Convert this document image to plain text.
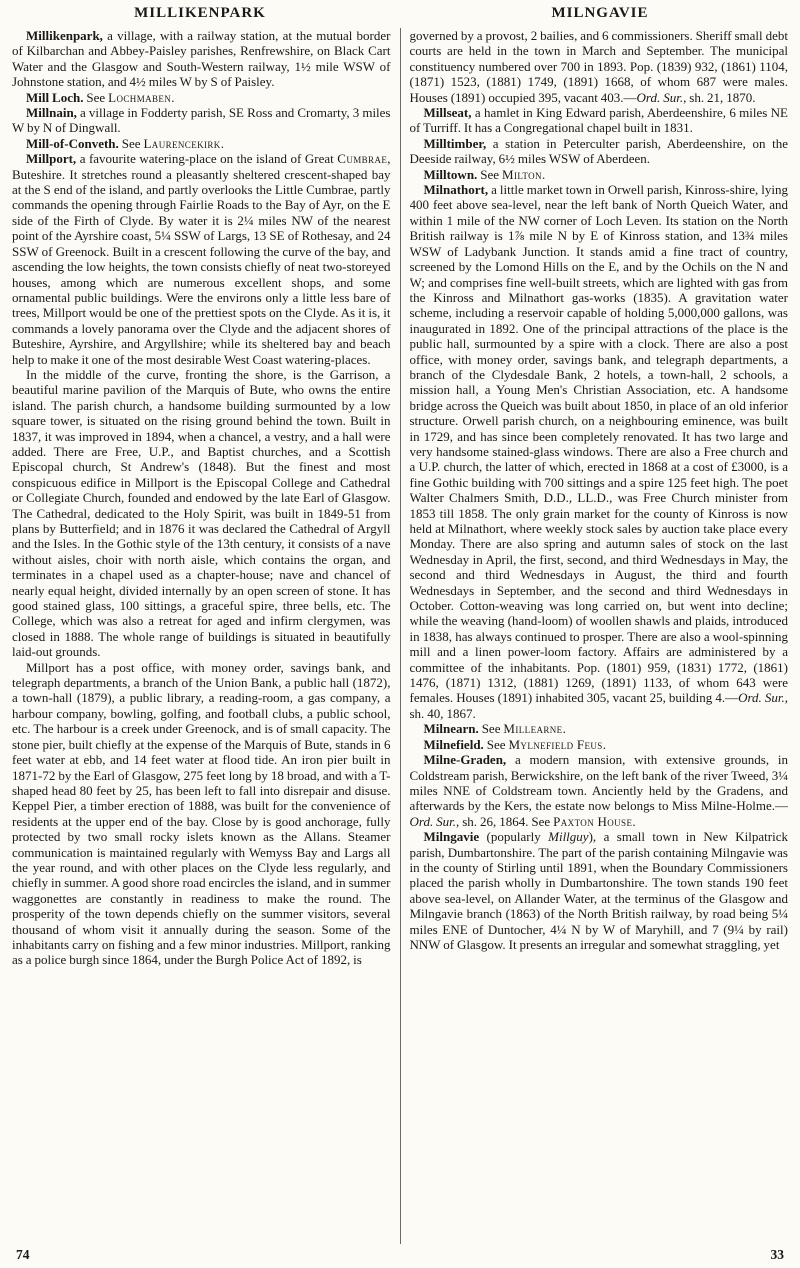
MILLIKENPARK	MILNGAVIE

Millikenpark, a village, with a railway station, at the mutual border of Kilbarchan and Abbey-Paisley parishes, Renfrewshire, on Black Cart Water and the Glasgow and South-Western railway, 1½ mile WSW of Johnstone station, and 4½ miles W by S of Paisley.

Mill Loch. See Lochmaben.

Millnain, a village in Fodderty parish, SE Ross and Cromarty, 3 miles W by N of Dingwall.

Mill-of-Conveth. See Laurencekirk.

Millport, a favourite watering-place on the island of Great Cumbrae, Buteshire. It stretches round a pleasantly sheltered crescent-shaped bay at the S end of the island, and partly overlooks the Little Cumbrae, partly commands the opening through Fairlie Roads to the Bay of Ayr, on the E side of the Firth of Clyde. By water it is 2¼ miles NW of the nearest point of the Ayrshire coast, 5¼ SSW of Largs, 13 SE of Rothesay, and 24 SSW of Greenock. Built in a crescent following the curve of the bay, and ascending the low heights, the town consists chiefly of neat two-storeyed houses, among which are numerous excellent shops, and some ornamental public buildings. Were the environs only a little less bare of trees, Millport would be one of the prettiest spots on the Clyde. As it is, it commands a lovely panorama over the Clyde and the adjacent shores of Buteshire, Ayrshire, and Argyllshire; while its sheltered bay and beach help to make it one of the most desirable West Coast watering-places.

In the middle of the curve, fronting the shore, is the Garrison, a beautiful marine pavilion of the Marquis of Bute, who owns the entire island. The parish church, a handsome building surmounted by a low square tower, is situated on the rising ground behind the town. Built in 1837, it was improved in 1894, when a chancel, a vestry, and a hall were added. There are Free, U.P., and Baptist churches, and a Scottish Episcopal church, St Andrew's (1848). But the finest and most conspicuous edifice in Millport is the Episcopal College and Cathedral or Collegiate Church, founded and endowed by the late Earl of Glasgow. The Cathedral, dedicated to the Holy Spirit, was built in 1849-51 from plans by Butterfield; and in 1876 it was declared the Cathedral of Argyll and the Isles. In the Gothic style of the 13th century, it consists of a nave without aisles, choir with north aisle, which contains the organ, and terminates in a chapel used as a chapter-house; nave and chancel of nearly equal height, divided internally by an open screen of stone. It has good stained glass, 100 sittings, a graceful spire, three bells, etc. The College, which was also a retreat for aged and infirm clergymen, was closed in 1888. The whole range of buildings is situated in beautifully laid-out grounds.

Millport has a post office, with money order, savings bank, and telegraph departments, a branch of the Union Bank, a public hall (1872), a town-hall (1879), a public library, a reading-room, a gas company, a harbour company, bowling, golfing, and football clubs, a public school, etc. The harbour is a creek under Greenock, and is of small capacity. The stone pier, built chiefly at the expense of the Marquis of Bute, stands in 6 feet water at ebb, and 14 feet water at flood tide. An iron pier built in 1871-72 by the Earl of Glasgow, 275 feet long by 18 broad, and with a T-shaped head 80 feet by 25, has been left to fall into disrepair and disuse. Keppel Pier, a timber erection of 1888, was built for the convenience of residents at the upper end of the bay. Close by is good anchorage, fully protected by two small rocky islets known as the Allans. Steamer communication is maintained regularly with Wemyss Bay and Largs all the year round, and with other places on the Clyde less regularly, and chiefly in summer. A good shore road encircles the island, and in summer waggonettes are constantly in readiness to make the round. The prosperity of the town depends chiefly on the summer visitors, several thousand of whom visit it annually during the season. Some of the inhabitants carry on fishing and a few minor industries. Millport, ranking as a police burgh since 1864, under the Burgh Police Act of 1892, is

governed by a provost, 2 bailies, and 6 commissioners. Sheriff small debt courts are held in the town in March and September. The municipal constituency numbered over 700 in 1893. Pop. (1839) 932, (1861) 1104, (1871) 1523, (1881) 1749, (1891) 1668, of whom 687 were males. Houses (1891) occupied 395, vacant 403.—Ord. Sur., sh. 21, 1870.

Millseat, a hamlet in King Edward parish, Aberdeenshire, 6 miles NE of Turriff. It has a Congregational chapel built in 1831.

Milltimber, a station in Peterculter parish, Aberdeenshire, on the Deeside railway, 6½ miles WSW of Aberdeen.

Milltown. See Milton.

Milnathort, a little market town in Orwell parish, Kinross-shire, lying 400 feet above sea-level, near the left bank of North Queich Water, and within 1 mile of the NW corner of Loch Leven. Its station on the North British railway is 1⅞ mile N by E of Kinross station, and 13¾ miles WSW of Ladybank Junction. It stands amid a fine tract of country, screened by the Lomond Hills on the E, and by the Ochils on the N and W; and comprises fine well-built streets, which are lighted with gas from the Kinross and Milnathort gas-works (1835). A gravitation water scheme, including a reservoir capable of holding 5,000,000 gallons, was inaugurated in 1892. One of the principal attractions of the place is the public hall, surmounted by a spire with a clock. There are also a post office, with money order, savings bank, and telegraph departments, a branch of the Clydesdale Bank, 2 hotels, a town-hall, 2 schools, a mission hall, a Young Men's Christian Association, etc. A handsome bridge across the Queich was built about 1850, in place of an old inferior structure. Orwell parish church, on a neighbouring eminence, was built in 1729, and has since been completely renovated. It has two large and very handsome stained-glass windows. There are also a Free church and a U.P. church, the latter of which, erected in 1868 at a cost of £3000, is a fine Gothic building with 700 sittings and a spire 125 feet high. The poet Walter Chalmers Smith, D.D., LL.D., was Free Church minister from 1853 till 1858. The only grain market for the county of Kinross is now held at Milnathort, where weekly stock sales by auction take place every Monday. There are also spring and autumn sales of stock on the last Wednesday in April, the first, second, and third Wednesdays in May, the second and third Wednesdays in August, the third and fourth Wednesdays in September, and the second and third Wednesdays in October. Cotton-weaving was long carried on, but went into decline; while the weaving (hand-loom) of woollen shawls and plaids, introduced in 1838, has always continued to prosper. There are also a wool-spinning mill and a linen power-loom factory. Affairs are administered by a committee of the inhabitants. Pop. (1801) 959, (1831) 1772, (1861) 1476, (1871) 1312, (1881) 1269, (1891) 1133, of whom 643 were females. Houses (1891) inhabited 305, vacant 25, building 4.—Ord. Sur., sh. 40, 1867.

Milnearn. See Millearne.

Milnefield. See Mylnefield Feus.

Milne-Graden, a modern mansion, with extensive grounds, in Coldstream parish, Berwickshire, on the left bank of the river Tweed, 3¼ miles NNE of Coldstream town. Anciently held by the Gradens, and afterwards by the Kers, the estate now belongs to Miss Milne-Holme.—Ord. Sur., sh. 26, 1864. See Paxton House.

Milngavie (popularly Millguy), a small town in New Kilpatrick parish, Dumbartonshire. The part of the parish containing Milngavie was in the county of Stirling until 1891, when the Boundary Commissioners placed the parish wholly in Dumbartonshire. The town stands 190 feet above sea-level, on Allander Water, at the terminus of the Glasgow and Milngavie branch (1863) of the North British railway, by road being 5¼ miles ENE of Duntocher, 4¼ N by W of Maryhill, and 7 (9¼ by rail) NNW of Glasgow. It presents an irregular and somewhat straggling, yet

74	33
